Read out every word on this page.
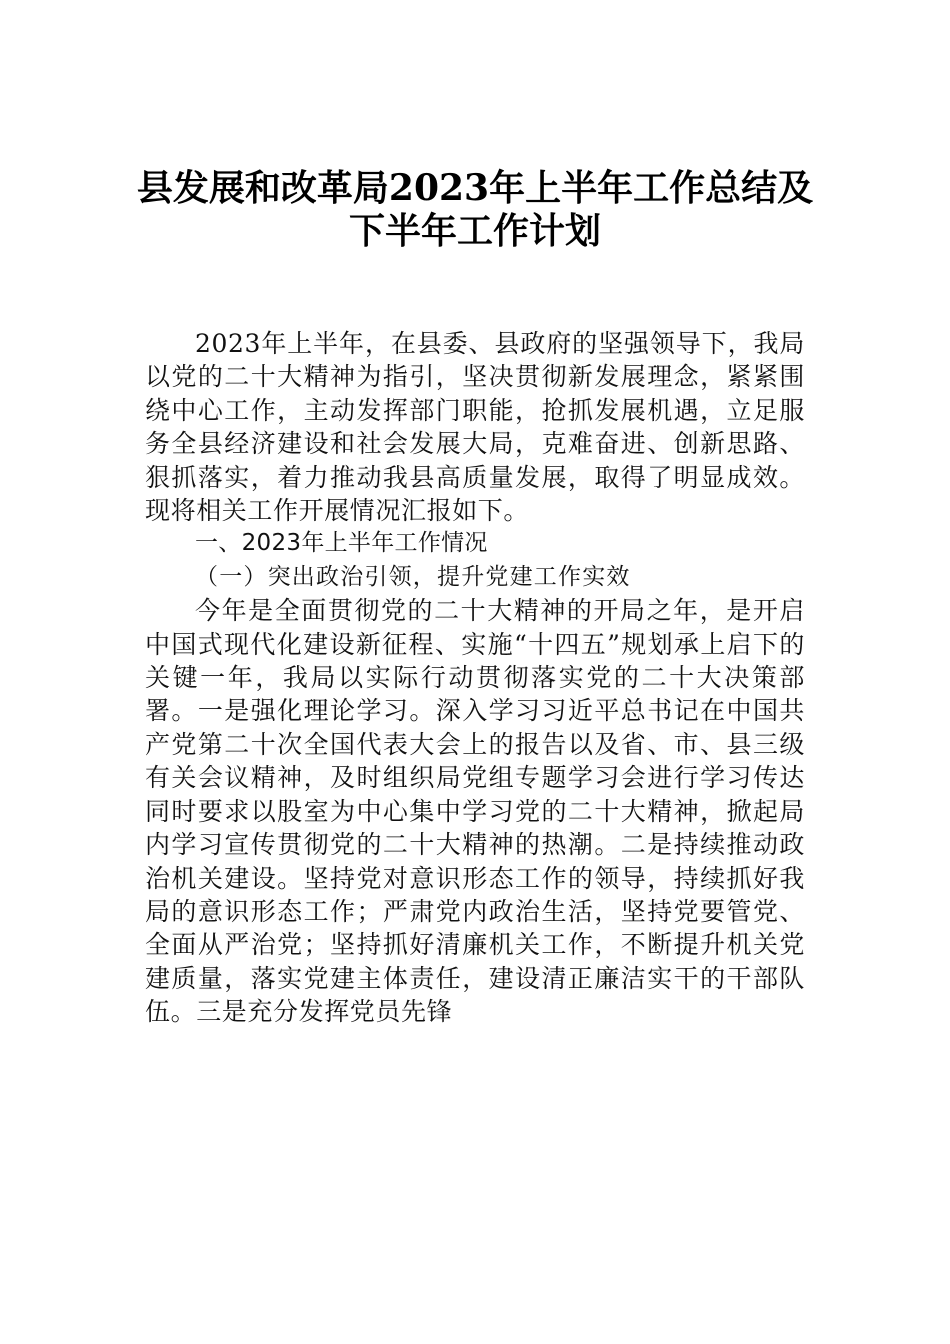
县发展和改革局2023年上半年工作总结及
下半年工作计划

2023年上半年，在县委、县政府的坚强领导下，我局以党的二十大精神为指引，坚决贯彻新发展理念，紧紧围绕中心工作，主动发挥部门职能，抢抓发展机遇，立足服务全县经济建设和社会发展大局，克难奋进、创新思路、狠抓落实，着力推动我县高质量发展，取得了明显成效。现将相关工作开展情况汇报如下。

一、2023年上半年工作情况

（一）突出政治引领，提升党建工作实效

今年是全面贯彻党的二十大精神的开局之年，是开启中国式现代化建设新征程、实施“十四五”规划承上启下的关键一年，我局以实际行动贯彻落实党的二十大决策部署。一是强化理论学习。深入学习习近平总书记在中国共产党第二十次全国代表大会上的报告以及省、市、县三级有关会议精神，及时组织局党组专题学习会进行学习传达同时要求以股室为中心集中学习党的二十大精神，掀起局内学习宣传贯彻党的二十大精神的热潮。二是持续推动政治机关建设。坚持党对意识形态工作的领导，持续抓好我局的意识形态工作；严肃党内政治生活，坚持党要管党、全面从严治党；坚持抓好清廉机关工作，不断提升机关党建质量，落实党建主体责任，建设清正廉洁实干的干部队伍。三是充分发挥党员先锋
